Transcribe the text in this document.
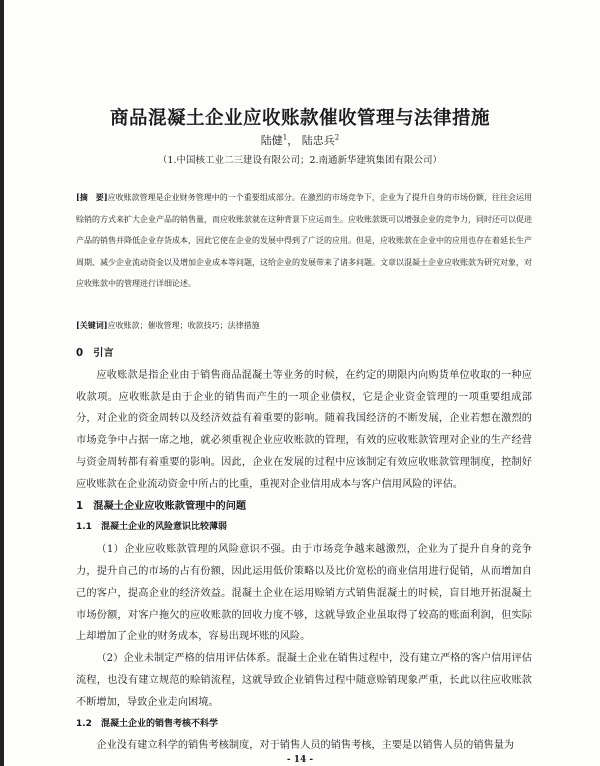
商品混凝土企业应收账款催收管理与法律措施
陆健$^1$， 陆忠兵$^2$
（1.中国核工业二三建设有限公司；2.南通新华建筑集团有限公司）
[摘　要]应收账款管理是企业财务管理中的一个重要组成部分。在激烈的市场竞争下，企业为了提升自身的市场份额，往往会运用赊销的方式来扩大企业产品的销售量，而应收账款就在这种背景下应运而生。应收账款既可以增强企业的竞争力，同时还可以促进产品的销售并降低企业存货成本，因此它使在企业的发展中得到了广泛的应用。但是，应收账款在企业中的应用也存在着延长生产周期、减少企业流动资金以及增加企业成本等问题，这给企业的发展带来了诸多问题。文章以混凝土企业应收账款为研究对象，对应收账款中的管理进行详细论述。
[关键词]应收账款；催收管理；收款技巧；法律措施

0　引言

应收账款是指企业由于销售商品混凝土等业务的时候，在约定的期限内向购货单位收取的一种应收款项。应收账款是由于企业的销售而产生的一项企业债权，它是企业资金管理的一项重要组成部分，对企业的资金周转以及经济效益有着重要的影响。随着我国经济的不断发展，企业若想在激烈的市场竞争中占据一席之地，就必须重视企业应收账款的管理，有效的应收账款管理对企业的生产经营与资金周转都有着重要的影响。因此，企业在发展的过程中应该制定有效应收账款管理制度，控制好应收账款在企业流动资金中所占的比重，重视对企业信用成本与客户信用风险的评估。

1　混凝土企业应收账款管理中的问题

1.1　混凝土企业的风险意识比较薄弱

（1）企业应收账款管理的风险意识不强。由于市场竞争越来越激烈，企业为了提升自身的竞争力，提升自己的市场的占有份额，因此运用低价策略以及比价宽松的商业信用进行促销，从而增加自己的客户，提高企业的经济效益。混凝土企业在运用赊销方式销售混凝土的时候，盲目地开拓混凝土市场份额，对客户拖欠的应收账款的回收力度不够，这就导致企业虽取得了较高的账面利润，但实际上却增加了企业的财务成本，容易出现坏账的风险。

（2）企业未制定严格的信用评估体系。混凝土企业在销售过程中，没有建立严格的客户信用评估流程，也没有建立规范的赊销流程，这就导致企业销售过程中随意赊销现象严重，长此以往应收账款不断增加，导致企业走向困境。

1.2　混凝土企业的销售考核不科学

企业没有建立科学的销售考核制度，对于销售人员的销售考核，主要是以销售人员的销售量为

- 14 -
